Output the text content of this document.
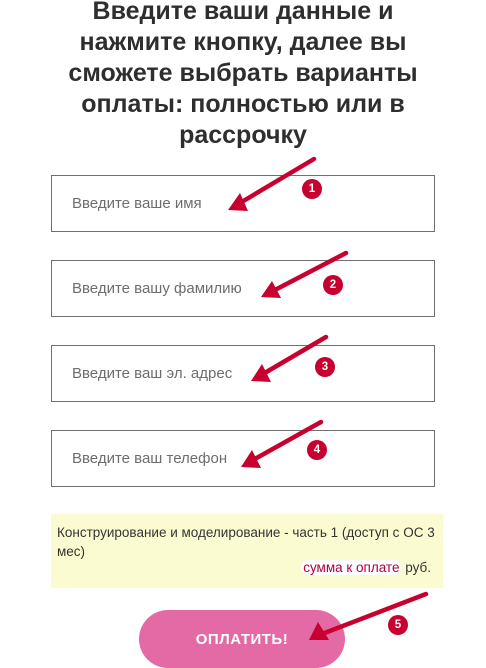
Введите ваши данные и
нажмите кнопку, далее вы
сможете выбрать варианты
оплаты: полностью или в
рассрочку
Введите ваше имя
Введите вашу фамилию
Введите ваш эл. адрес
Введите ваш телефон
Конструирование и моделирование - часть 1 (доступ с ОС 3 мес)
сумма к оплате руб.
ОПЛАТИТЬ!
1
2
3
4
5
